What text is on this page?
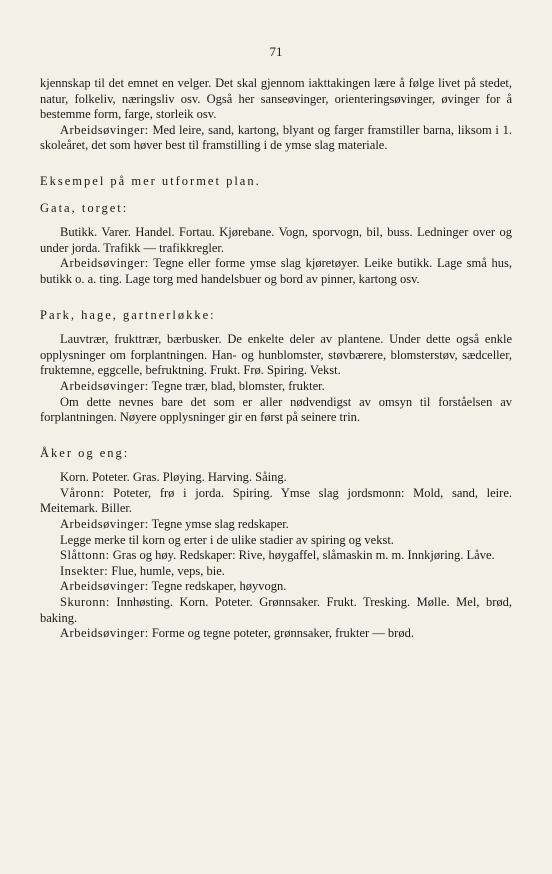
71

kjennskap til det emnet en velger. Det skal gjennom iakttakingen lære å følge livet på stedet, natur, folkeliv, næringsliv osv. Også her sanseøvinger, orienteringsøvinger, øvinger for å bestemme form, farge, storleik osv.

Arbeidsøvinger: Med leire, sand, kartong, blyant og farger framstiller barna, liksom i 1. skoleåret, det som høver best til framstilling i de ymse slag materiale.

Eksempel på mer utformet plan.

Gata, torget:

Butikk. Varer. Handel. Fortau. Kjørebane. Vogn, sporvogn, bil, buss. Ledninger over og under jorda. Trafikk — trafikkregler.

Arbeidsøvinger: Tegne eller forme ymse slag kjøretøyer. Leike butikk. Lage små hus, butikk o. a. ting. Lage torg med handelsbuer og bord av pinner, kartong osv.

Park, hage, gartnerløkke:

Lauvtrær, frukttrær, bærbusker. De enkelte deler av plantene. Under dette også enkle opplysninger om forplantningen. Han- og hunblomster, støvbærere, blomsterstøv, sædceller, fruktemne, eggcelle, befruktning. Frukt. Frø. Spiring. Vekst.

Arbeidsøvinger: Tegne trær, blad, blomster, frukter.

Om dette nevnes bare det som er aller nødvendigst av omsyn til forståelsen av forplantningen. Nøyere opplysninger gir en først på seinere trin.

Åker og eng:

Korn. Poteter. Gras. Pløying. Harving. Såing.

Våronn: Poteter, frø i jorda. Spiring. Ymse slag jordsmonn: Mold, sand, leire. Meitemark. Biller.

Arbeidsøvinger: Tegne ymse slag redskaper.

Legge merke til korn og erter i de ulike stadier av spiring og vekst.

Slåttonn: Gras og høy. Redskaper: Rive, høygaffel, slåmaskin m. m. Innkjøring. Låve.

Insekter: Flue, humle, veps, bie.

Arbeidsøvinger: Tegne redskaper, høyvogn.

Skuronn: Innhøsting. Korn. Poteter. Grønnsaker. Frukt. Tresking. Mølle. Mel, brød, baking.

Arbeidsøvinger: Forme og tegne poteter, grønnsaker, frukter — brød.
